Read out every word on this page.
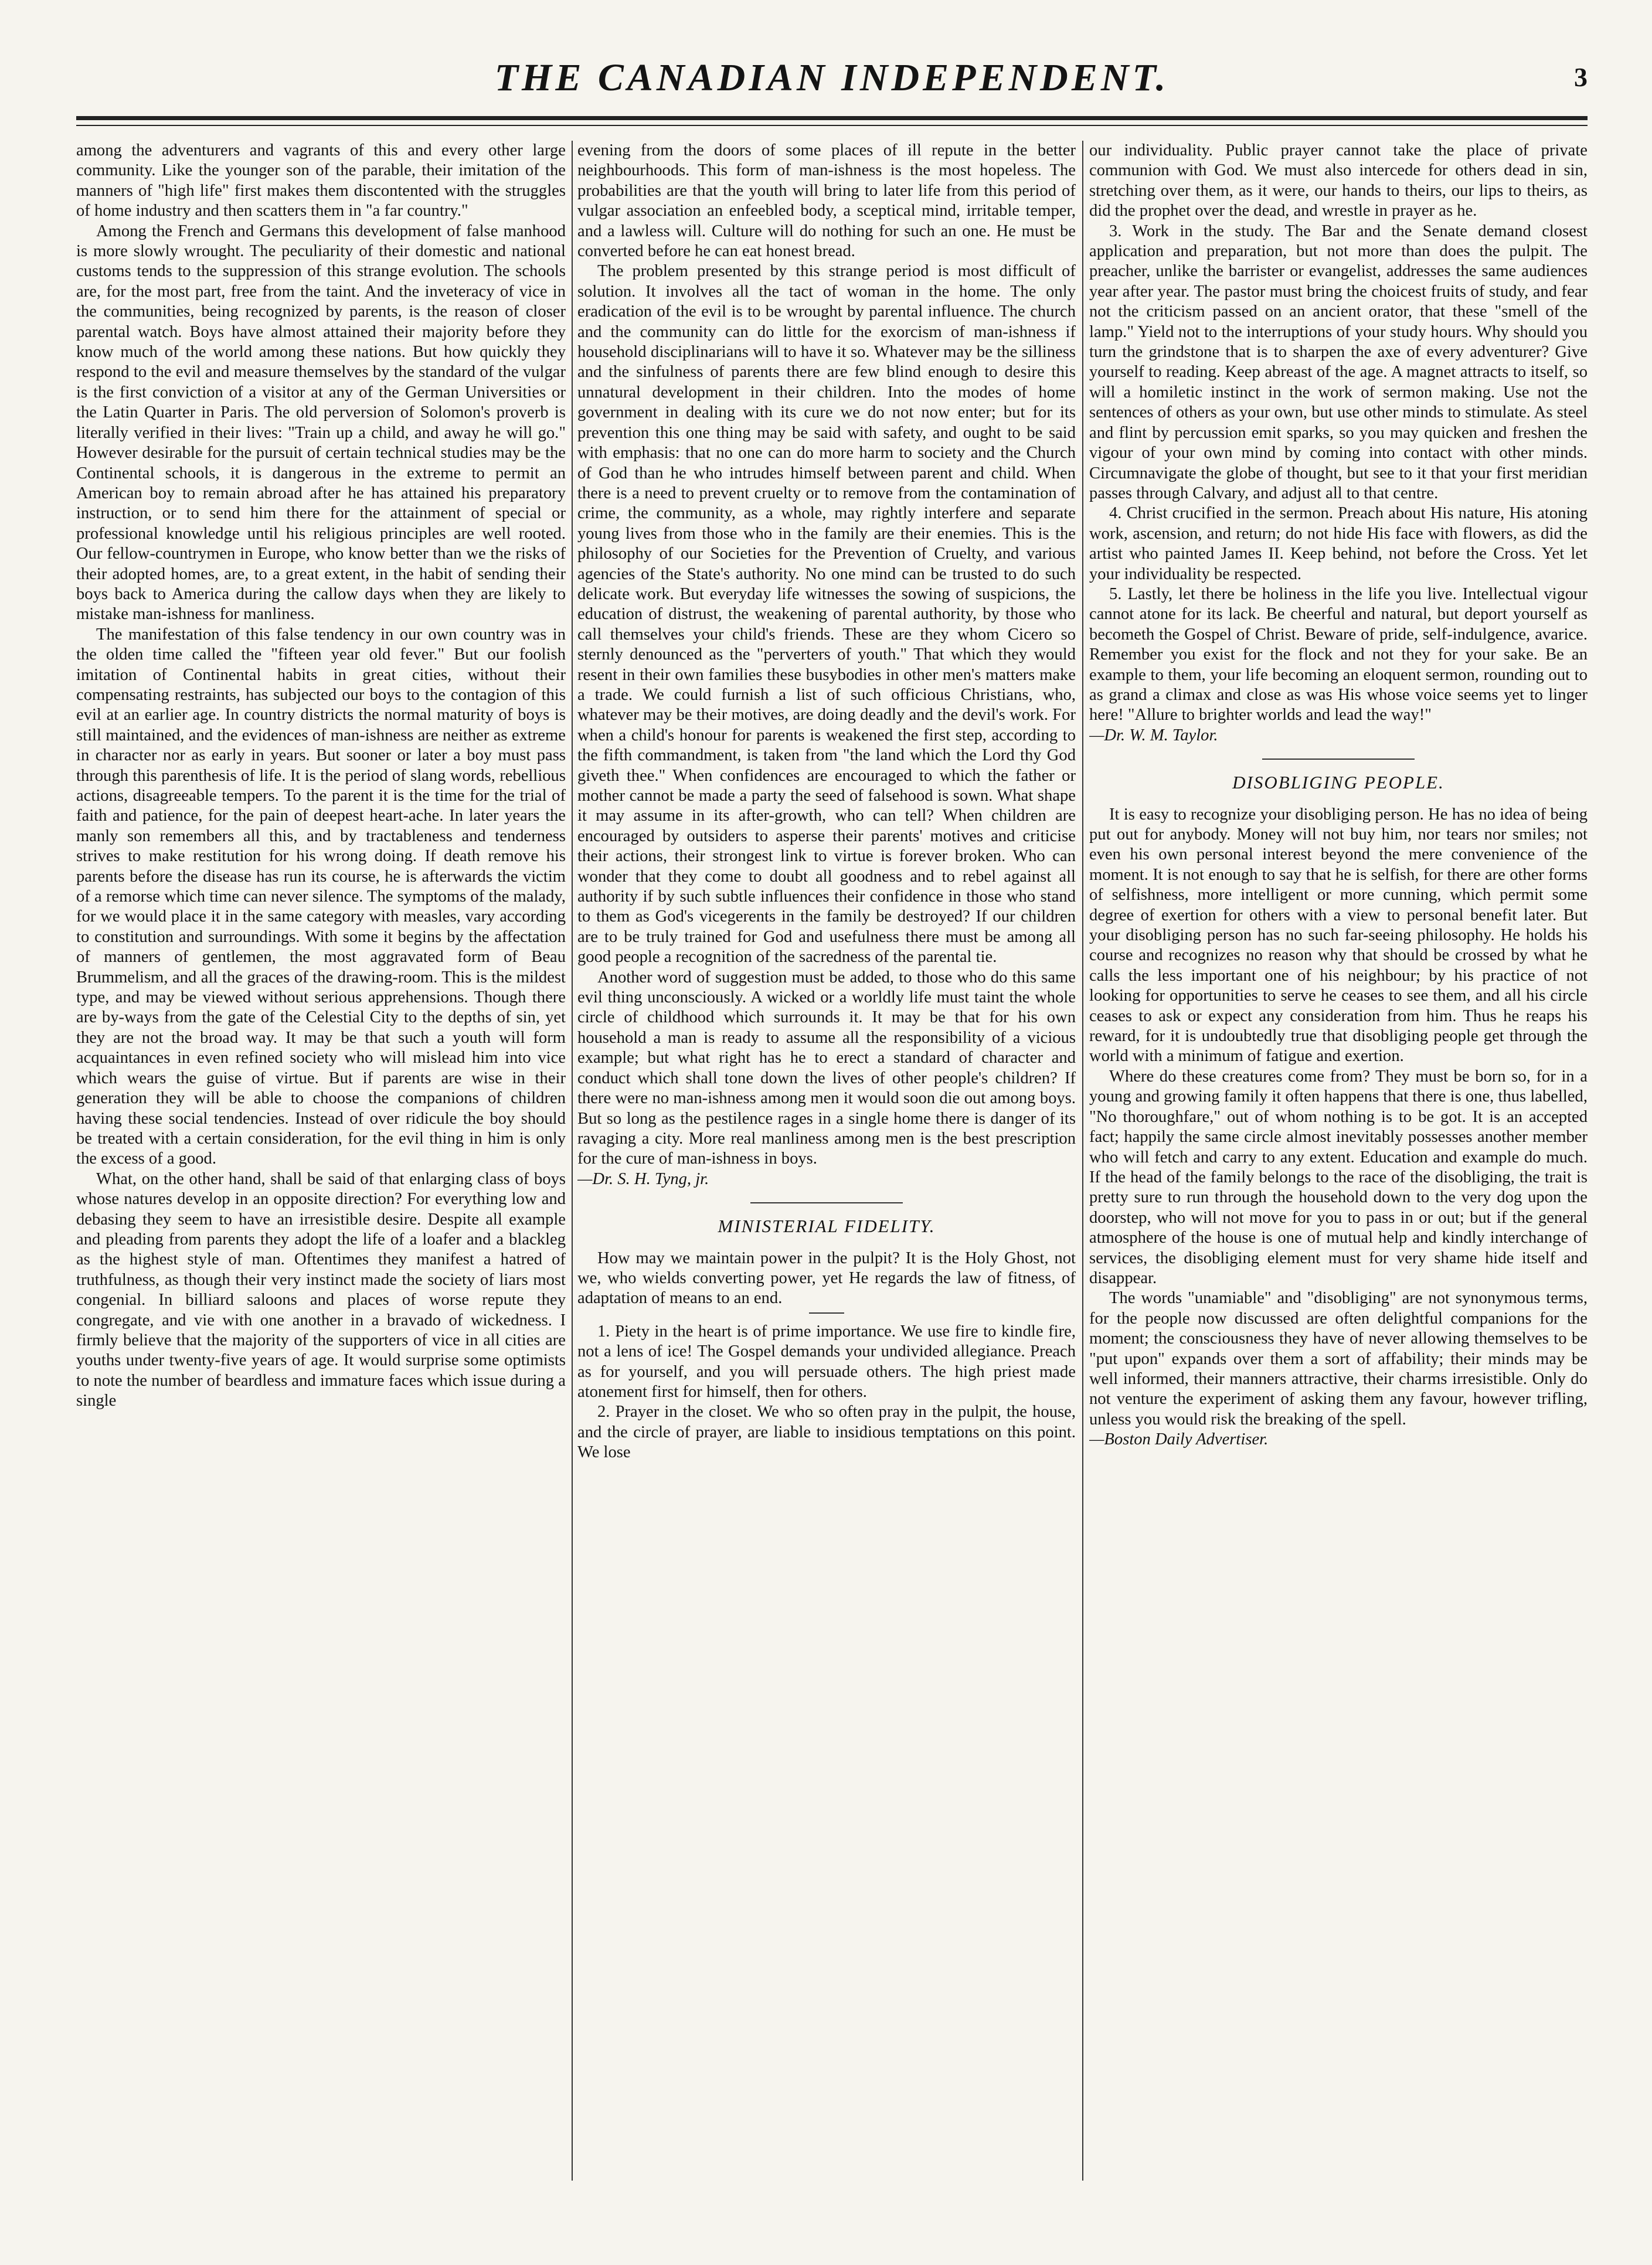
THE CANADIAN INDEPENDENT.	3

among the adventurers and vagrants of this and every other large community. Like the younger son of the parable, their imitation of the manners of "high life" first makes them discontented with the struggles of home industry and then scatters them in "a far country."

Among the French and Germans this development of false manhood is more slowly wrought. The peculiarity of their domestic and national customs tends to the suppression of this strange evolution. The schools are, for the most part, free from the taint. And the inveteracy of vice in the communities, being recognized by parents, is the reason of closer parental watch. Boys have almost attained their majority before they know much of the world among these nations. But how quickly they respond to the evil and measure themselves by the standard of the vulgar is the first conviction of a visitor at any of the German Universities or the Latin Quarter in Paris. The old perversion of Solomon's proverb is literally verified in their lives: "Train up a child, and away he will go." However desirable for the pursuit of certain technical studies may be the Continental schools, it is dangerous in the extreme to permit an American boy to remain abroad after he has attained his preparatory instruction, or to send him there for the attainment of special or professional knowledge until his religious principles are well rooted. Our fellow-countrymen in Europe, who know better than we the risks of their adopted homes, are, to a great extent, in the habit of sending their boys back to America during the callow days when they are likely to mistake man-ishness for manliness.

The manifestation of this false tendency in our own country was in the olden time called the "fifteen year old fever." But our foolish imitation of Continental habits in great cities, without their compensating restraints, has subjected our boys to the contagion of this evil at an earlier age. In country districts the normal maturity of boys is still maintained, and the evidences of man-ishness are neither as extreme in character nor as early in years. But sooner or later a boy must pass through this parenthesis of life. It is the period of slang words, rebellious actions, disagreeable tempers. To the parent it is the time for the trial of faith and patience, for the pain of deepest heart-ache. In later years the manly son remembers all this, and by tractableness and tenderness strives to make restitution for his wrong doing. If death remove his parents before the disease has run its course, he is afterwards the victim of a remorse which time can never silence. The symptoms of the malady, for we would place it in the same category with measles, vary according to constitution and surroundings. With some it begins by the affectation of manners of gentlemen, the most aggravated form of Beau Brummelism, and all the graces of the drawing-room. This is the mildest type, and may be viewed without serious apprehensions. Though there are by-ways from the gate of the Celestial City to the depths of sin, yet they are not the broad way. It may be that such a youth will form acquaintances in even refined society who will mislead him into vice which wears the guise of virtue. But if parents are wise in their generation they will be able to choose the companions of children having these social tendencies. Instead of over ridicule the boy should be treated with a certain consideration, for the evil thing in him is only the excess of a good.

What, on the other hand, shall be said of that enlarging class of boys whose natures develop in an opposite direction? For everything low and debasing they seem to have an irresistible desire. Despite all example and pleading from parents they adopt the life of a loafer and a blackleg as the highest style of man. Oftentimes they manifest a hatred of truthfulness, as though their very instinct made the society of liars most congenial. In billiard saloons and places of worse repute they congregate, and vie with one another in a bravado of wickedness. I firmly believe that the majority of the supporters of vice in all cities are youths under twenty-five years of age. It would surprise some optimists to note the number of beardless and immature faces which issue during a single

evening from the doors of some places of ill repute in the better neighbourhoods. This form of man-ishness is the most hopeless. The probabilities are that the youth will bring to later life from this period of vulgar association an enfeebled body, a sceptical mind, irritable temper, and a lawless will. Culture will do nothing for such an one. He must be converted before he can eat honest bread.

The problem presented by this strange period is most difficult of solution. It involves all the tact of woman in the home. The only eradication of the evil is to be wrought by parental influence. The church and the community can do little for the exorcism of man-ishness if household disciplinarians will to have it so. Whatever may be the silliness and the sinfulness of parents there are few blind enough to desire this unnatural development in their children. Into the modes of home government in dealing with its cure we do not now enter; but for its prevention this one thing may be said with safety, and ought to be said with emphasis: that no one can do more harm to society and the Church of God than he who intrudes himself between parent and child. When there is a need to prevent cruelty or to remove from the contamination of crime, the community, as a whole, may rightly interfere and separate young lives from those who in the family are their enemies. This is the philosophy of our Societies for the Prevention of Cruelty, and various agencies of the State's authority. No one mind can be trusted to do such delicate work. But everyday life witnesses the sowing of suspicions, the education of distrust, the weakening of parental authority, by those who call themselves your child's friends. These are they whom Cicero so sternly denounced as the "perverters of youth." That which they would resent in their own families these busybodies in other men's matters make a trade. We could furnish a list of such officious Christians, who, whatever may be their motives, are doing deadly and the devil's work. For when a child's honour for parents is weakened the first step, according to the fifth commandment, is taken from "the land which the Lord thy God giveth thee." When confidences are encouraged to which the father or mother cannot be made a party the seed of falsehood is sown. What shape it may assume in its after-growth, who can tell? When children are encouraged by outsiders to asperse their parents' motives and criticise their actions, their strongest link to virtue is forever broken. Who can wonder that they come to doubt all goodness and to rebel against all authority if by such subtle influences their confidence in those who stand to them as God's vicegerents in the family be destroyed? If our children are to be truly trained for God and usefulness there must be among all good people a recognition of the sacredness of the parental tie.

Another word of suggestion must be added, to those who do this same evil thing unconsciously. A wicked or a worldly life must taint the whole circle of childhood which surrounds it. It may be that for his own household a man is ready to assume all the responsibility of a vicious example; but what right has he to erect a standard of character and conduct which shall tone down the lives of other people's children? If there were no man-ishness among men it would soon die out among boys. But so long as the pestilence rages in a single home there is danger of its ravaging a city. More real manliness among men is the best prescription for the cure of man-ishness in boys.

—Dr. S. H. Tyng, jr.

MINISTERIAL FIDELITY.

How may we maintain power in the pulpit? It is the Holy Ghost, not we, who wields converting power, yet He regards the law of fitness, of adaptation of means to an end.

1. Piety in the heart is of prime importance. We use fire to kindle fire, not a lens of ice! The Gospel demands your undivided allegiance. Preach as for yourself, and you will persuade others. The high priest made atonement first for himself, then for others.

2. Prayer in the closet. We who so often pray in the pulpit, the house, and the circle of prayer, are liable to insidious temptations on this point. We lose

our individuality. Public prayer cannot take the place of private communion with God. We must also intercede for others dead in sin, stretching over them, as it were, our hands to theirs, our lips to theirs, as did the prophet over the dead, and wrestle in prayer as he.

3. Work in the study. The Bar and the Senate demand closest application and preparation, but not more than does the pulpit. The preacher, unlike the barrister or evangelist, addresses the same audiences year after year. The pastor must bring the choicest fruits of study, and fear not the criticism passed on an ancient orator, that these "smell of the lamp." Yield not to the interruptions of your study hours. Why should you turn the grindstone that is to sharpen the axe of every adventurer? Give yourself to reading. Keep abreast of the age. A magnet attracts to itself, so will a homiletic instinct in the work of sermon making. Use not the sentences of others as your own, but use other minds to stimulate. As steel and flint by percussion emit sparks, so you may quicken and freshen the vigour of your own mind by coming into contact with other minds. Circumnavigate the globe of thought, but see to it that your first meridian passes through Calvary, and adjust all to that centre.

4. Christ crucified in the sermon. Preach about His nature, His atoning work, ascension, and return; do not hide His face with flowers, as did the artist who painted James II. Keep behind, not before the Cross. Yet let your individuality be respected.

5. Lastly, let there be holiness in the life you live. Intellectual vigour cannot atone for its lack. Be cheerful and natural, but deport yourself as becometh the Gospel of Christ. Beware of pride, self-indulgence, avarice. Remember you exist for the flock and not they for your sake. Be an example to them, your life becoming an eloquent sermon, rounding out to as grand a climax and close as was His whose voice seems yet to linger here! "Allure to brighter worlds and lead the way!"

—Dr. W. M. Taylor.

DISOBLIGING PEOPLE.

It is easy to recognize your disobliging person. He has no idea of being put out for anybody. Money will not buy him, nor tears nor smiles; not even his own personal interest beyond the mere convenience of the moment. It is not enough to say that he is selfish, for there are other forms of selfishness, more intelligent or more cunning, which permit some degree of exertion for others with a view to personal benefit later. But your disobliging person has no such far-seeing philosophy. He holds his course and recognizes no reason why that should be crossed by what he calls the less important one of his neighbour; by his practice of not looking for opportunities to serve he ceases to see them, and all his circle ceases to ask or expect any consideration from him. Thus he reaps his reward, for it is undoubtedly true that disobliging people get through the world with a minimum of fatigue and exertion.

Where do these creatures come from? They must be born so, for in a young and growing family it often happens that there is one, thus labelled, "No thoroughfare," out of whom nothing is to be got. It is an accepted fact; happily the same circle almost inevitably possesses another member who will fetch and carry to any extent. Education and example do much. If the head of the family belongs to the race of the disobliging, the trait is pretty sure to run through the household down to the very dog upon the doorstep, who will not move for you to pass in or out; but if the general atmosphere of the house is one of mutual help and kindly interchange of services, the disobliging element must for very shame hide itself and disappear.

The words "unamiable" and "disobliging" are not synonymous terms, for the people now discussed are often delightful companions for the moment; the consciousness they have of never allowing themselves to be "put upon" expands over them a sort of affability; their minds may be well informed, their manners attractive, their charms irresistible. Only do not venture the experiment of asking them any favour, however trifling, unless you would risk the breaking of the spell.

—Boston Daily Advertiser.
